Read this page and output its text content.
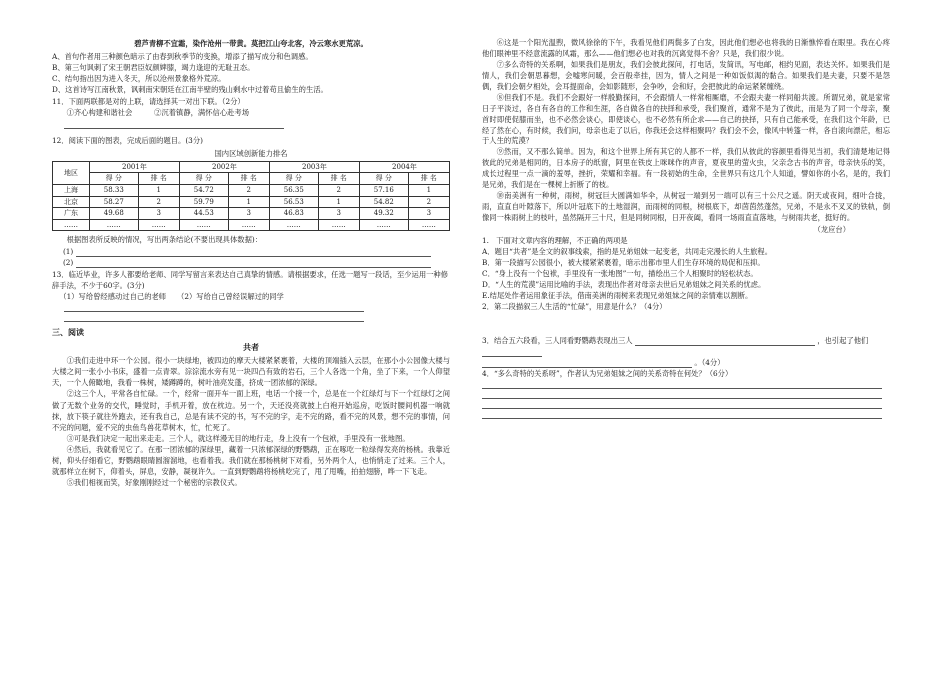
碧芦青柳不宜霜，染作沧州一带黄。莫把江山夸北客，冷云寒水更荒凉。

A、首句作者用三种颜色暗示了由春到秋季节的变换，增添了描写成分和色调感。

B、第三句讽刺了宋王朝君臣奴颜婢膝，竭力逢迎的无耻丑态。

C、结句指出因为进入冬天，所以沧州景象格外荒凉。

D、这首诗写江南秋景，讽刺南宋朝廷在江南半壁的残山剩水中过着苟且偷生的生活。

11．下面两联都是对的上联，请选择其一对出下联。（2分）

①齐心构建和谐社会　　　②沉着镇静，满怀信心赴考场

12．阅读下面的图表，完成后面的题目。(3分)

国内区域创新能力排名

地区	2001年		2002年		2003年		2004年	
	得 分	排 名	得 分	排 名	得 分	排 名	得 分	排 名
上海	58.33	1	54.72	2	56.35	2	57.16	1
北京	58.27	2	59.79	1	56.53	1	54.82	2
广东	49.68	3	44.53	3	46.83	3	49.32	3
……	……	……	……	……	……	……	……	……

根据图表所反映的情况，写出两条结论(不要出现具体数据)：

(1)

(2)

13．临近毕业，许多人都要给老师、同学写留言来表达自己真挚的情感。请根据要求，任选一题写一段话，至少运用一种修辞手法，不少于60字。(3分)

（1）写给曾经感动过自己的老师　　（2）写给自己曾经误解过的同学

三、阅读

共者

①我们走进中环一个公园。很小一块绿地，被四边的摩天大楼紧紧裹着，大楼的顶端插入云层，在那小小公园像大楼与大楼之间一张小小书床，盛着一点青翠。淙淙流水旁有见一块四凸有致的岩石，三个人各选一个角，坐了下来，一个人仰望天，一个人俯瞰地，我看一株树，矮蹲蹲的，树叶油亮发蓬，挤成一团浓郁的深绿。

②这三个人，平常各自忙碌。一个，经常一面开车一面上班，电话一个接一个，总是在一个红绿灯与下一个红绿灯之间做了无数个业务的交代，睡觉时，手机开着，放在枕边。另一个，天还没亮就披上白袍开始巡房，吃饭时腰间机器一响就抹，放下筷子就往外跑去，还有我自己，总是有读不完的书，写不完的字，走不完的路，看不完的风景，想不完的事情，问不完的问题，爱不完的虫鱼鸟兽花草树木，忙，忙死了。

③可是我们决定一起出来走走。三个人，就这样漫无目的地行走，身上没有一个包袱，手里没有一张地图。

④然后，我就看见它了。在那一团浓郁的深绿里，藏着一只浓郁深绿的野鹦鹉，正在啄吃一粒绿得发亮的杨桃。我靠近树，仰头仔细看它，野鹦鹉眼睛圆溜溜地，也看着我。我们就在那杨桃树下对看，另外两个人，也悄悄走了过来。三个人，就那样立在树下，仰着头，屏息，安静，凝视许久。一直到野鹦鹉将杨桃吃完了，甩了甩嘴，拍拍翅膀，哗一下飞走。

⑤我们相视而笑，好象刚刚经过一个秘密的宗教仪式。

⑥这是一个阳光温煦，微风徐徐的下午，我看见他们两鬓多了白发，因此他们想必也将我的日渐憔悴看在眼里。我在心疼他们眼神里不经意流露的风霜，那么——他们想必也对我的沉离觉得不舍？只是，我们很少说。

⑦多么奇特的关系啊，如果我们是朋友，我们会彼此探问，打电话，发简讯，写电邮，相约见面，表达关怀。如果我们是情人，我们会朝思暮想，会嘘寒问暖，会百般牵挂，因为，情人之间是一种如饭似渴的黏合。如果我们是夫妻，只要不是怨偶，我们会朝夕相处，会耳提面命，会如影随形，会争吵，会和好，会把彼此的命运紧紧缠绕。

⑧但我们不是。我们不会跟好一样殷勤探问，不会跟情人一样常相厮磨，不会跟夫妻一样同船共渡。所谓兄弟，就是家常日子平淡过，各自有各自的工作和生涯，各自做各自的抉择和承受，我们聚首，通常不是为了彼此，而是为了同一个母亲，聚首时即使促膝而坐，也不必然会谈心，即使谈心，也不必然有所企求——自己的抉择，只有自己能承受，在我们这个年龄，已经了然在心，有时候，我们问，母亲也走了以后，你我还会这样相聚吗？我们会不会，像风中转篷一样，各自滚向漂茫，相忘于人生的荒漠？

⑨然而，又不那么简单。因为，和这个世界上所有其它的人都不一样，我们从彼此的容颜里看得见当初，我们清楚地记得彼此的兄弟是相同的，日本房子的纸窗，阿里在铁皮上咪咪作的声音，夏夜里的萤火虫，父亲念古书的声音，母亲快乐的笑，成长过程里一点一滴的羞辱，挫折，荣耀和幸福。有一段初始的生命，全世界只有这几个人知道，譬如你的小名，是的，我们是兄弟，我们是在一棵树上折断了的枝。

⑩南美洲有一种树，雨树，树冠巨大圆满如华伞，从树冠一端到另一端可以有三十公尺之遥。阴天或夜间，细叶合拢，雨，直直自叶隙落下，所以叶冠底下的土地湿润，而雨树的同根，树根底下，却茵茵然蓬然，兄弟，不是永不叉叉的铁轨，倒像同一株雨树上的枝叶，虽然隔开三十尺，但是同树同根，日开夜阖，看同一场雨直直落地，与树雨共老，挺好的。

（龙应台）

1.　下面对文章内容的理解，不正确的两项是

A．题目“共者”是全文的叙事线索，指的是兄弟姐妹一起变老，共同走完漫长的人生旅程。

B．第一段描写公园很小，被大楼紧紧裹着，暗示出都市里人们生存环境的局促和压抑。

C．“身上没有一个包袱，手里没有一张地图”一句，描绘出三个人相聚时的轻松状态。

D．“人生的荒漠”运用比喻的手法，表现出作者对母亲去世后兄弟姐妹之间关系的忧虑。

E.结尾处作者运用象征手法，借南美洲的雨树来表现兄弟姐妹之间的亲情难以割断。

2．第二段描叙三人生活的“忙碌”，用意是什么？（4分）

3．结合五六段看，三人同看野鹦鹉表现出三人	，也引起了他们

。（4分）

4．“多么奇特的关系呀”，作者认为兄弟姐妹之间的关系奇特在何处？（6分）
